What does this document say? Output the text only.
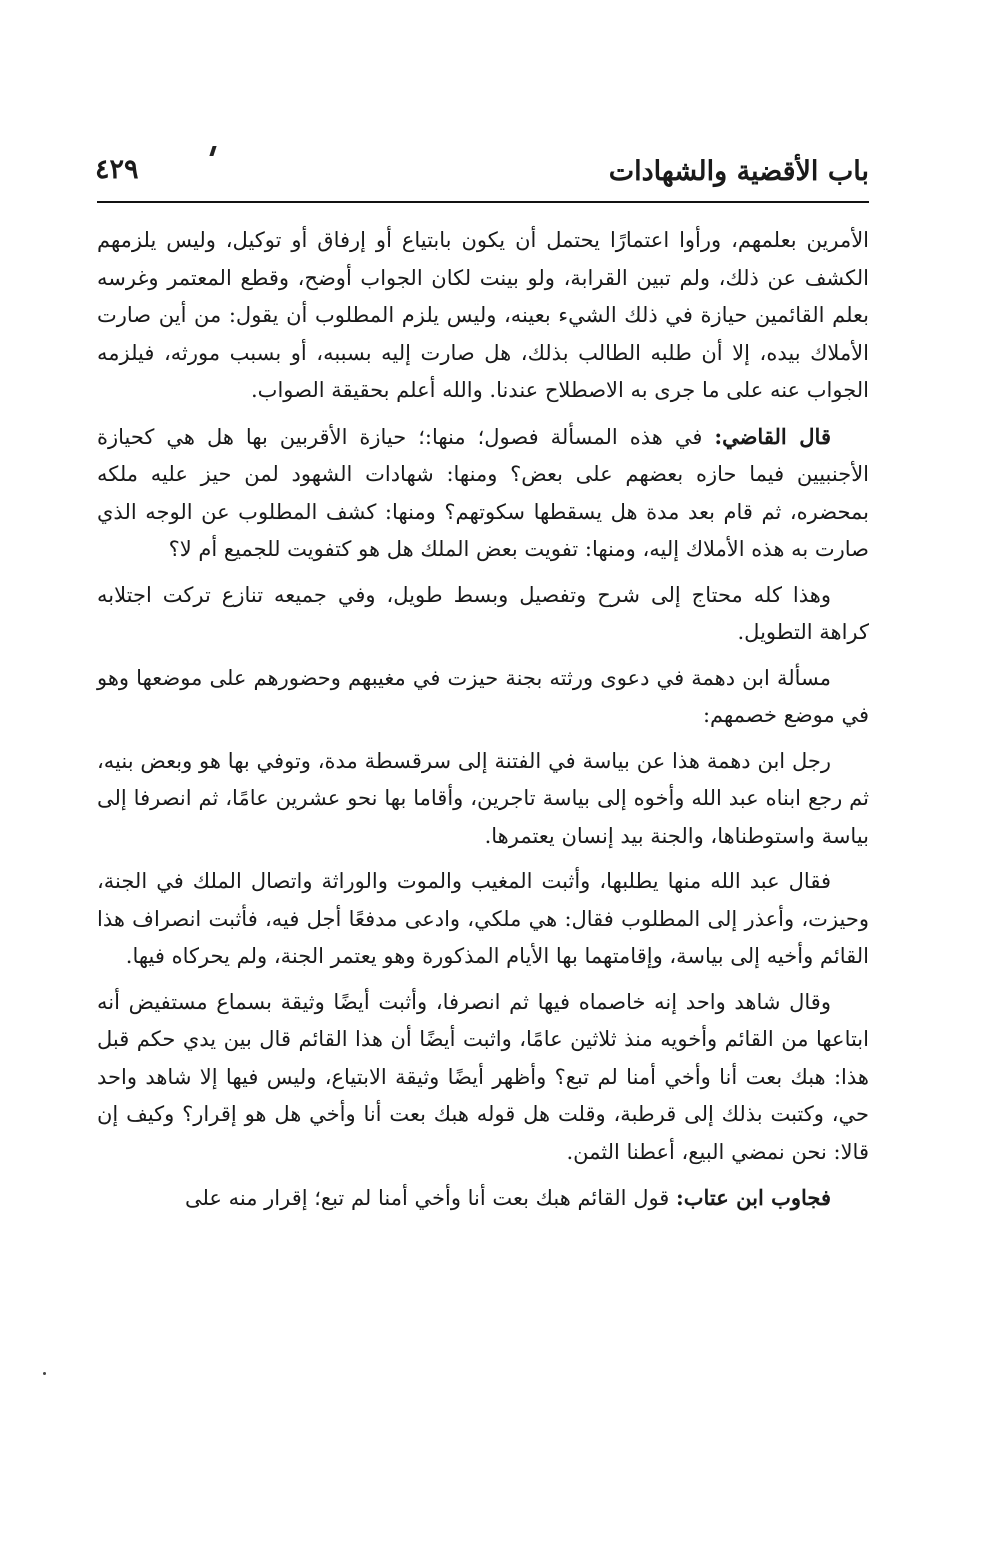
باب الأقضية والشهادات
٤٢٩

الأمرين بعلمهم، ورأوا اعتمارًا يحتمل أن يكون بابتياع أو إرفاق أو توكيل، وليس يلزمهم الكشف عن ذلك، ولم تبين القرابة، ولو بينت لكان الجواب أوضح، وقطع المعتمر وغرسه بعلم القائمين حيازة في ذلك الشيء بعينه، وليس يلزم المطلوب أن يقول: من أين صارت الأملاك بيده، إلا أن طلبه الطالب بذلك، هل صارت إليه بسببه، أو بسبب مورثه، فيلزمه الجواب عنه على ما جرى به الاصطلاح عندنا. والله أعلم بحقيقة الصواب.

قال القاضي: في هذه المسألة فصول؛ منها:؛ حيازة الأقربين بها هل هي كحيازة الأجنبيين فيما حازه بعضهم على بعض؟ ومنها: شهادات الشهود لمن حيز عليه ملكه بمحضره، ثم قام بعد مدة هل يسقطها سكوتهم؟ ومنها: كشف المطلوب عن الوجه الذي صارت به هذه الأملاك إليه، ومنها: تفويت بعض الملك هل هو كتفويت للجميع أم لا؟

وهذا كله محتاج إلى شرح وتفصيل وبسط طويل، وفي جميعه تنازع تركت اجتلابه كراهة التطويل.

مسألة ابن دهمة في دعوى ورثته بجنة حيزت في مغيبهم وحضورهم على موضعها وهو في موضع خصمهم:

رجل ابن دهمة هذا عن بياسة في الفتنة إلى سرقسطة مدة، وتوفي بها هو وبعض بنيه، ثم رجع ابناه عبد الله وأخوه إلى بياسة تاجرين، وأقاما بها نحو عشرين عامًا، ثم انصرفا إلى بياسة واستوطناها، والجنة بيد إنسان يعتمرها.

فقال عبد الله منها يطلبها، وأثبت المغيب والموت والوراثة واتصال الملك في الجنة، وحيزت، وأعذر إلى المطلوب فقال: هي ملكي، وادعى مدفعًا أجل فيه، فأثبت انصراف هذا القائم وأخيه إلى بياسة، وإقامتهما بها الأيام المذكورة وهو يعتمر الجنة، ولم يحركاه فيها.

وقال شاهد واحد إنه خاصماه فيها ثم انصرفا، وأثبت أيضًا وثيقة بسماع مستفيض أنه ابتاعها من القائم وأخويه منذ ثلاثين عامًا، واثبت أيضًا أن هذا القائم قال بين يدي حكم قبل هذا: هبك بعت أنا وأخي أمنا لم تبع؟ وأظهر أيضًا وثيقة الابتياع، وليس فيها إلا شاهد واحد حي، وكتبت بذلك إلى قرطبة، وقلت هل قوله هبك بعت أنا وأخي هل هو إقرار؟ وكيف إن قالا: نحن نمضي البيع، أعطنا الثمن.

فجاوب ابن عتاب: قول القائم هبك بعت أنا وأخي أمنا لم تبع؛ إقرار منه على
